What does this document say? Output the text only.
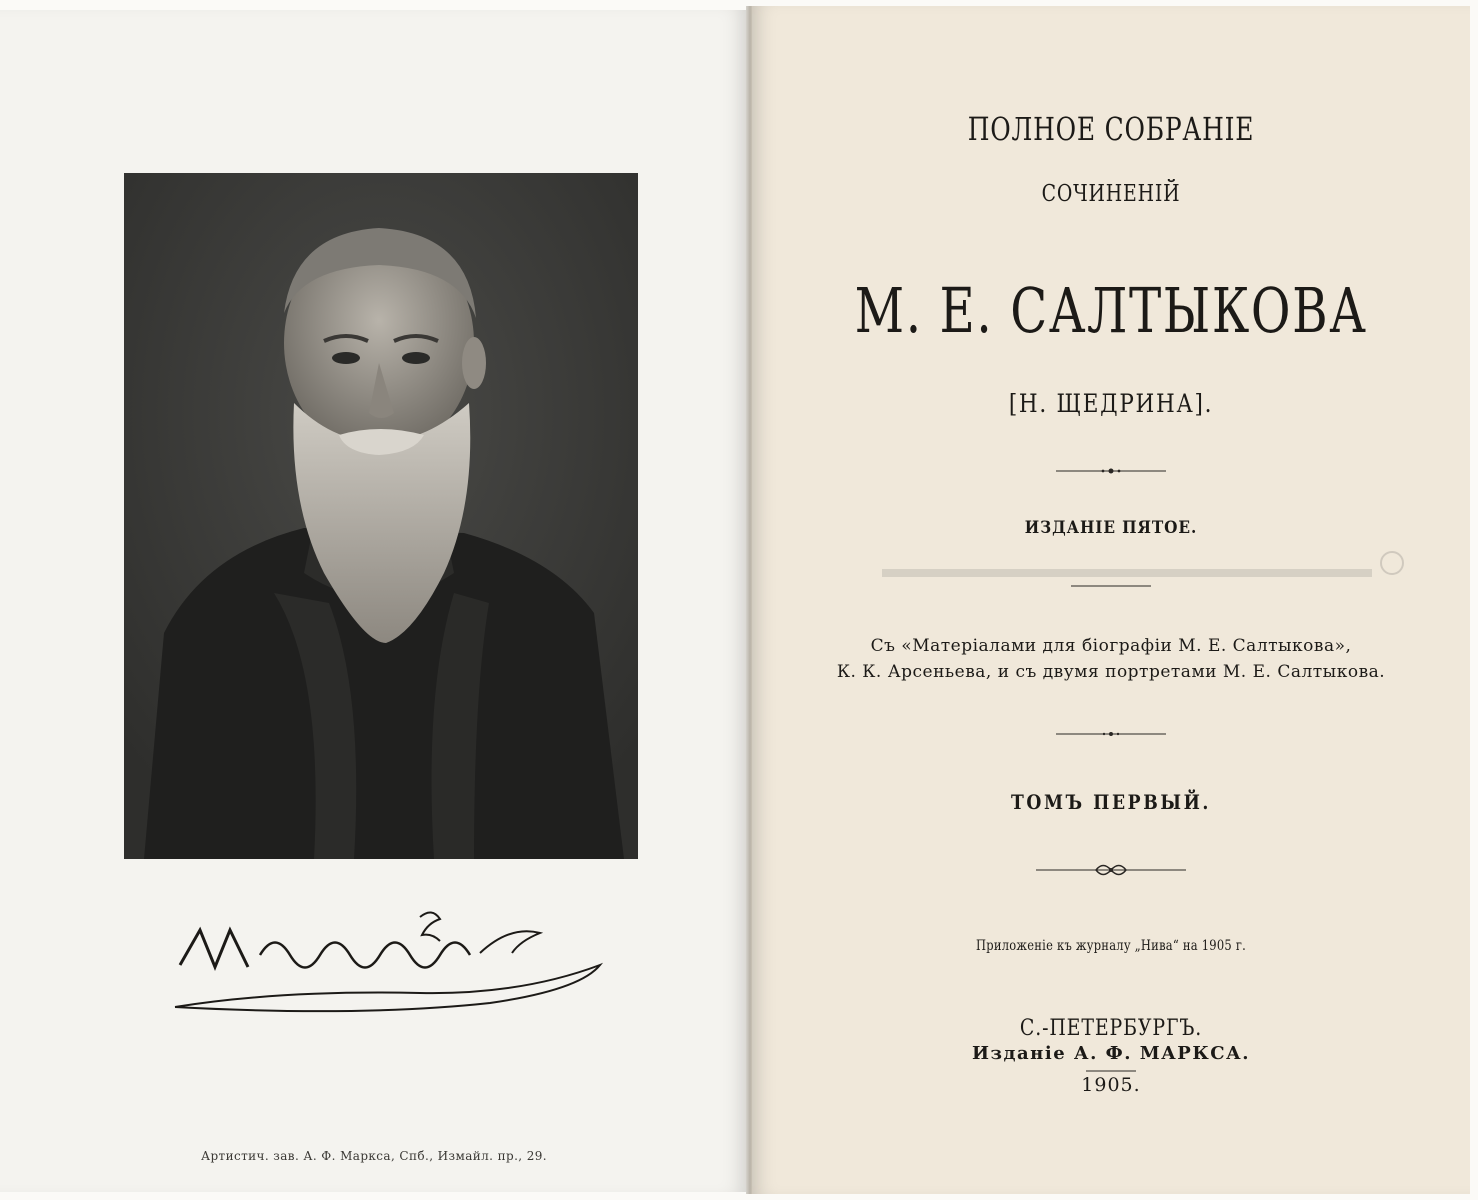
Артистич. зав. А. Ф. Маркса, Спб., Измайл. пр., 29.
ПОЛНОЕ СОБРАНІЕ
СОЧИНЕНІЙ
М. Е. САЛТЫКОВА
[Н. ЩЕДРИНА].
ИЗДАНІЕ ПЯТОЕ.
Съ «Матеріалами для біографіи М. Е. Салтыкова»,
К. К. Арсеньева, и съ двумя портретами М. Е. Салтыкова.
ТОМЪ ПЕРВЫЙ.
Приложеніе къ журналу „Нива“ на 1905 г.
С.-ПЕТЕРБУРГЪ.
Изданіе А. Ф. МАРКСА.
1905.
